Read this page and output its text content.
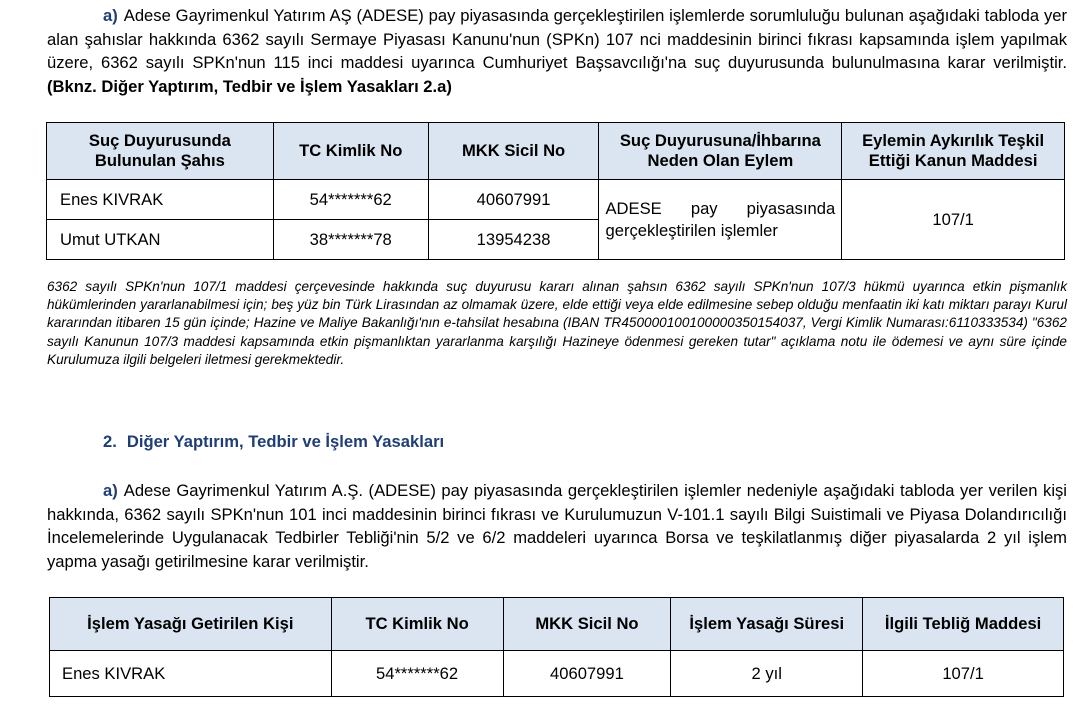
a) Adese Gayrimenkul Yatırım AŞ (ADESE) pay piyasasında gerçekleştirilen işlemlerde sorumluluğu bulunan aşağıdaki tabloda yer alan şahıslar hakkında 6362 sayılı Sermaye Piyasası Kanunu'nun (SPKn) 107 nci maddesinin birinci fıkrası kapsamında işlem yapılmak üzere, 6362 sayılı SPKn'nun 115 inci maddesi uyarınca Cumhuriyet Başsavcılığı'na suç duyurusunda bulunulmasına karar verilmiştir. (Bknz. Diğer Yaptırım, Tedbir ve İşlem Yasakları 2.a)

Suç Duyurusunda Bulunulan Şahıs	TC Kimlik No	MKK Sicil No	Suç Duyurusuna/İhbarına Neden Olan Eylem	Eylemin Aykırılık Teşkil Ettiği Kanun Maddesi
Enes KIVRAK	54*******62	40607991	ADESE pay piyasasında gerçekleştirilen işlemler	107/1
Umut UTKAN	38*******78	13954238		

6362 sayılı SPKn'nun 107/1 maddesi çerçevesinde hakkında suç duyurusu kararı alınan şahsın 6362 sayılı SPKn'nun 107/3 hükmü uyarınca etkin pişmanlık hükümlerinden yararlanabilmesi için; beş yüz bin Türk Lirasından az olmamak üzere, elde ettiği veya elde edilmesine sebep olduğu menfaatin iki katı miktarı parayı Kurul kararından itibaren 15 gün içinde; Hazine ve Maliye Bakanlığı'nın e-tahsilat hesabına (IBAN TR450000100100000350154037, Vergi Kimlik Numarası:6110333534) "6362 sayılı Kanunun 107/3 maddesi kapsamında etkin pişmanlıktan yararlanma karşılığı Hazineye ödenmesi gereken tutar" açıklama notu ile ödemesi ve aynı süre içinde Kurulumuza ilgili belgeleri iletmesi gerekmektedir.

2. Diğer Yaptırım, Tedbir ve İşlem Yasakları

a) Adese Gayrimenkul Yatırım A.Ş. (ADESE) pay piyasasında gerçekleştirilen işlemler nedeniyle aşağıdaki tabloda yer verilen kişi hakkında, 6362 sayılı SPKn'nun 101 inci maddesinin birinci fıkrası ve Kurulumuzun V-101.1 sayılı Bilgi Suistimali ve Piyasa Dolandırıcılığı İncelemelerinde Uygulanacak Tedbirler Tebliği'nin 5/2 ve 6/2 maddeleri uyarınca Borsa ve teşkilatlanmış diğer piyasalarda 2 yıl işlem yapma yasağı getirilmesine karar verilmiştir.

İşlem Yasağı Getirilen Kişi	TC Kimlik No	MKK Sicil No	İşlem Yasağı Süresi	İlgili Tebliğ Maddesi
Enes KIVRAK	54*******62	40607991	2 yıl	107/1
